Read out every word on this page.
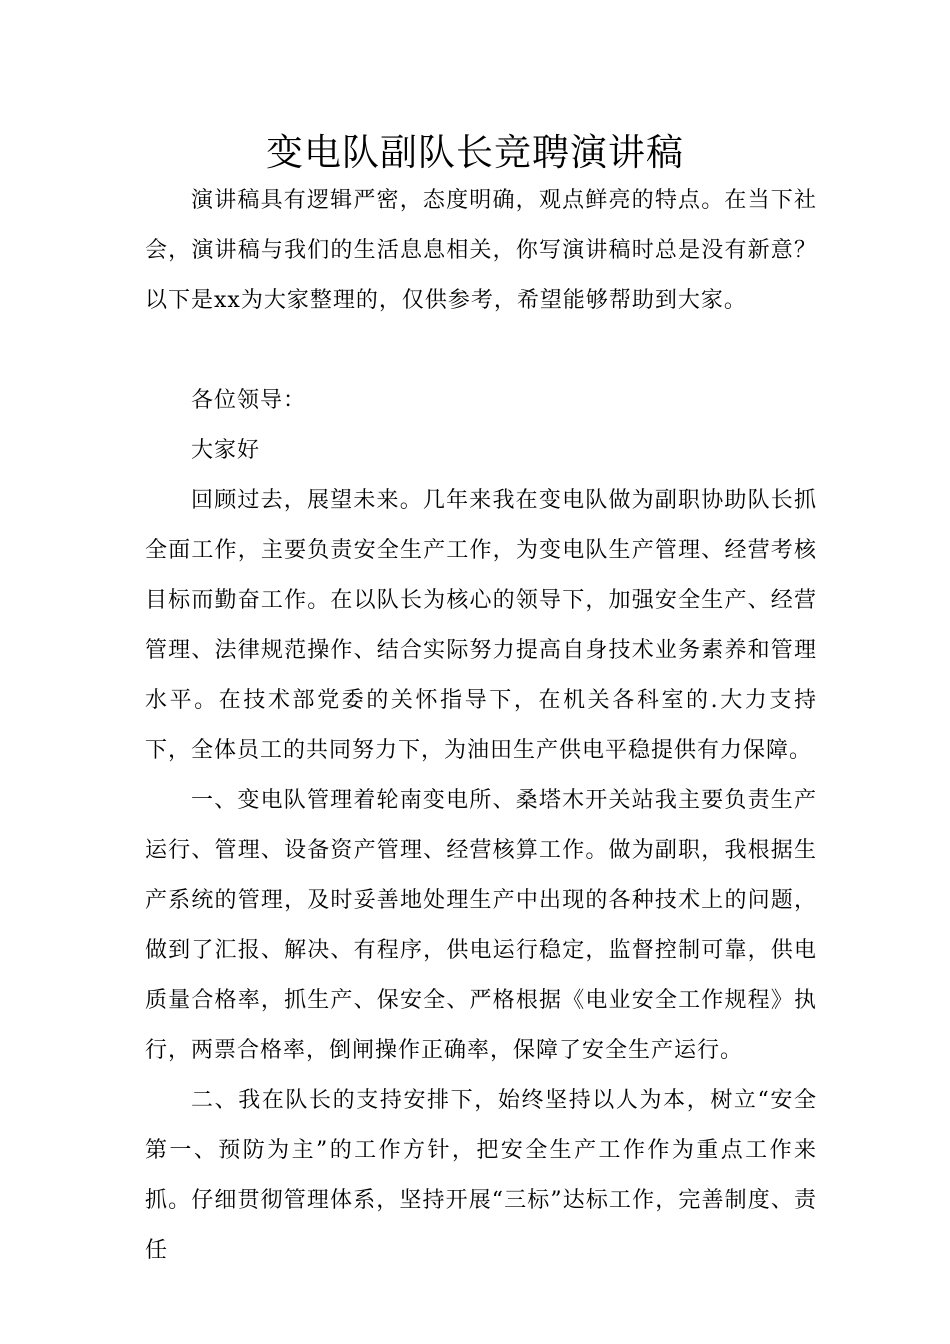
变电队副队长竞聘演讲稿

演讲稿具有逻辑严密，态度明确，观点鲜亮的特点。在当下社会，演讲稿与我们的生活息息相关，你写演讲稿时总是没有新意？以下是xx为大家整理的，仅供参考，希望能够帮助到大家。

各位领导：

大家好

回顾过去，展望未来。几年来我在变电队做为副职协助队长抓全面工作，主要负责安全生产工作，为变电队生产管理、经营考核目标而勤奋工作。在以队长为核心的领导下，加强安全生产、经营管理、法律规范操作、结合实际努力提高自身技术业务素养和管理水平。在技术部党委的关怀指导下，在机关各科室的.大力支持下，全体员工的共同努力下，为油田生产供电平稳提供有力保障。

一、变电队管理着轮南变电所、桑塔木开关站我主要负责生产运行、管理、设备资产管理、经营核算工作。做为副职，我根据生产系统的管理，及时妥善地处理生产中出现的各种技术上的问题，做到了汇报、解决、有程序，供电运行稳定，监督控制可靠，供电质量合格率，抓生产、保安全、严格根据《电业安全工作规程》执行，两票合格率，倒闸操作正确率，保障了安全生产运行。

二、我在队长的支持安排下，始终坚持以人为本，树立“安全第一、预防为主”的工作方针，把安全生产工作作为重点工作来抓。仔细贯彻管理体系，坚持开展“三标”达标工作，完善制度、责任
